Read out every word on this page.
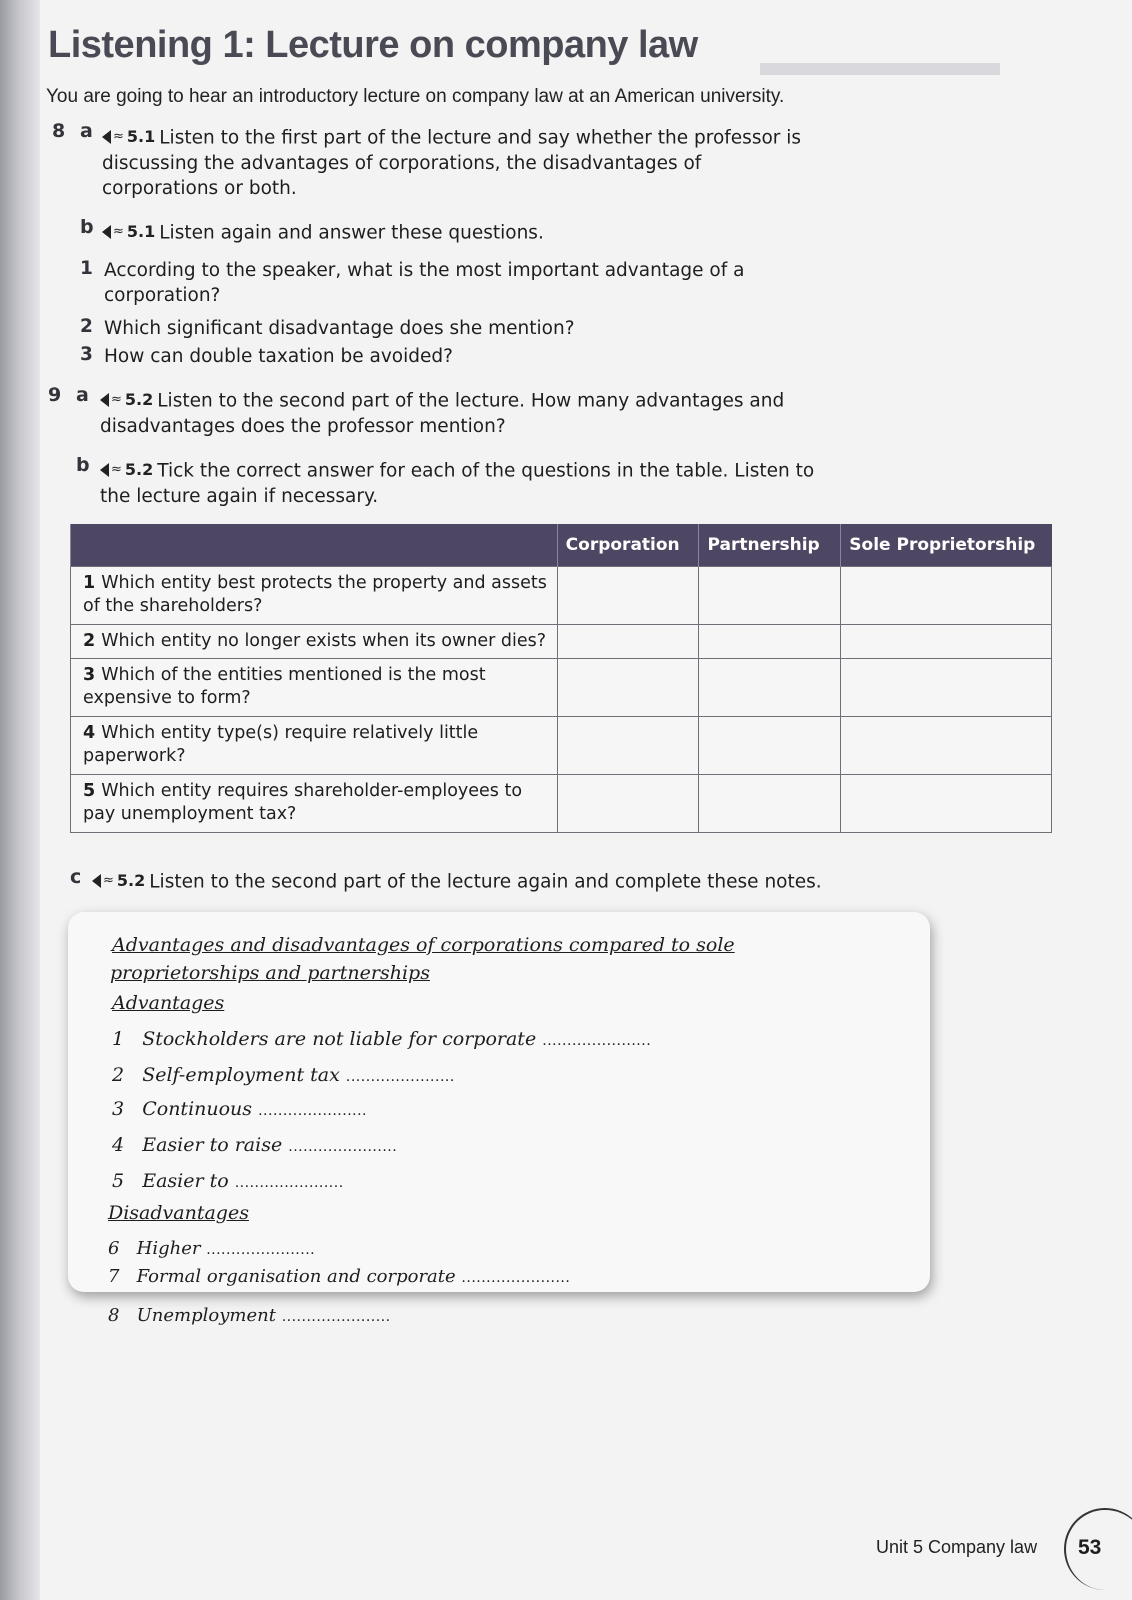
▬▬▬▬▬▬
Listening 1: Lecture on company law

You are going to hear an introductory lecture on company law at an American university.

8 a ≈ 5.1 Listen to the first part of the lecture and say whether the professor is discussing the advantages of corporations, the disadvantages of corporations or both.
b ≈ 5.1 Listen again and answer these questions.
1 According to the speaker, what is the most important advantage of a corporation?
2 Which significant disadvantage does she mention?
3 How can double taxation be avoided?
9 a ≈ 5.2 Listen to the second part of the lecture. How many advantages and disadvantages does the professor mention?
b ≈ 5.2 Tick the correct answer for each of the questions in the table. Listen to the lecture again if necessary.
	Corporation	Partnership	Sole Proprietorship
1 Which entity best protects the property and assets of the shareholders?			
2 Which entity no longer exists when its owner dies?			
3 Which of the entities mentioned is the most expensive to form?			
4 Which entity type(s) require relatively little paperwork?			
5 Which entity requires shareholder-employees to pay unemployment tax?			
c ≈ 5.2 Listen to the second part of the lecture again and complete these notes.
Advantages and disadvantages of corporations compared to sole
proprietorships and partnerships
Advantages
1 Stockholders are not liable for corporate ......................
2 Self-employment tax ......................
3 Continuous ......................
4 Easier to raise ......................
5 Easier to ......................
Disadvantages
6 Higher ......................
7 Formal organisation and corporate ......................
8 Unemployment ......................
Unit 5 Company law 53
